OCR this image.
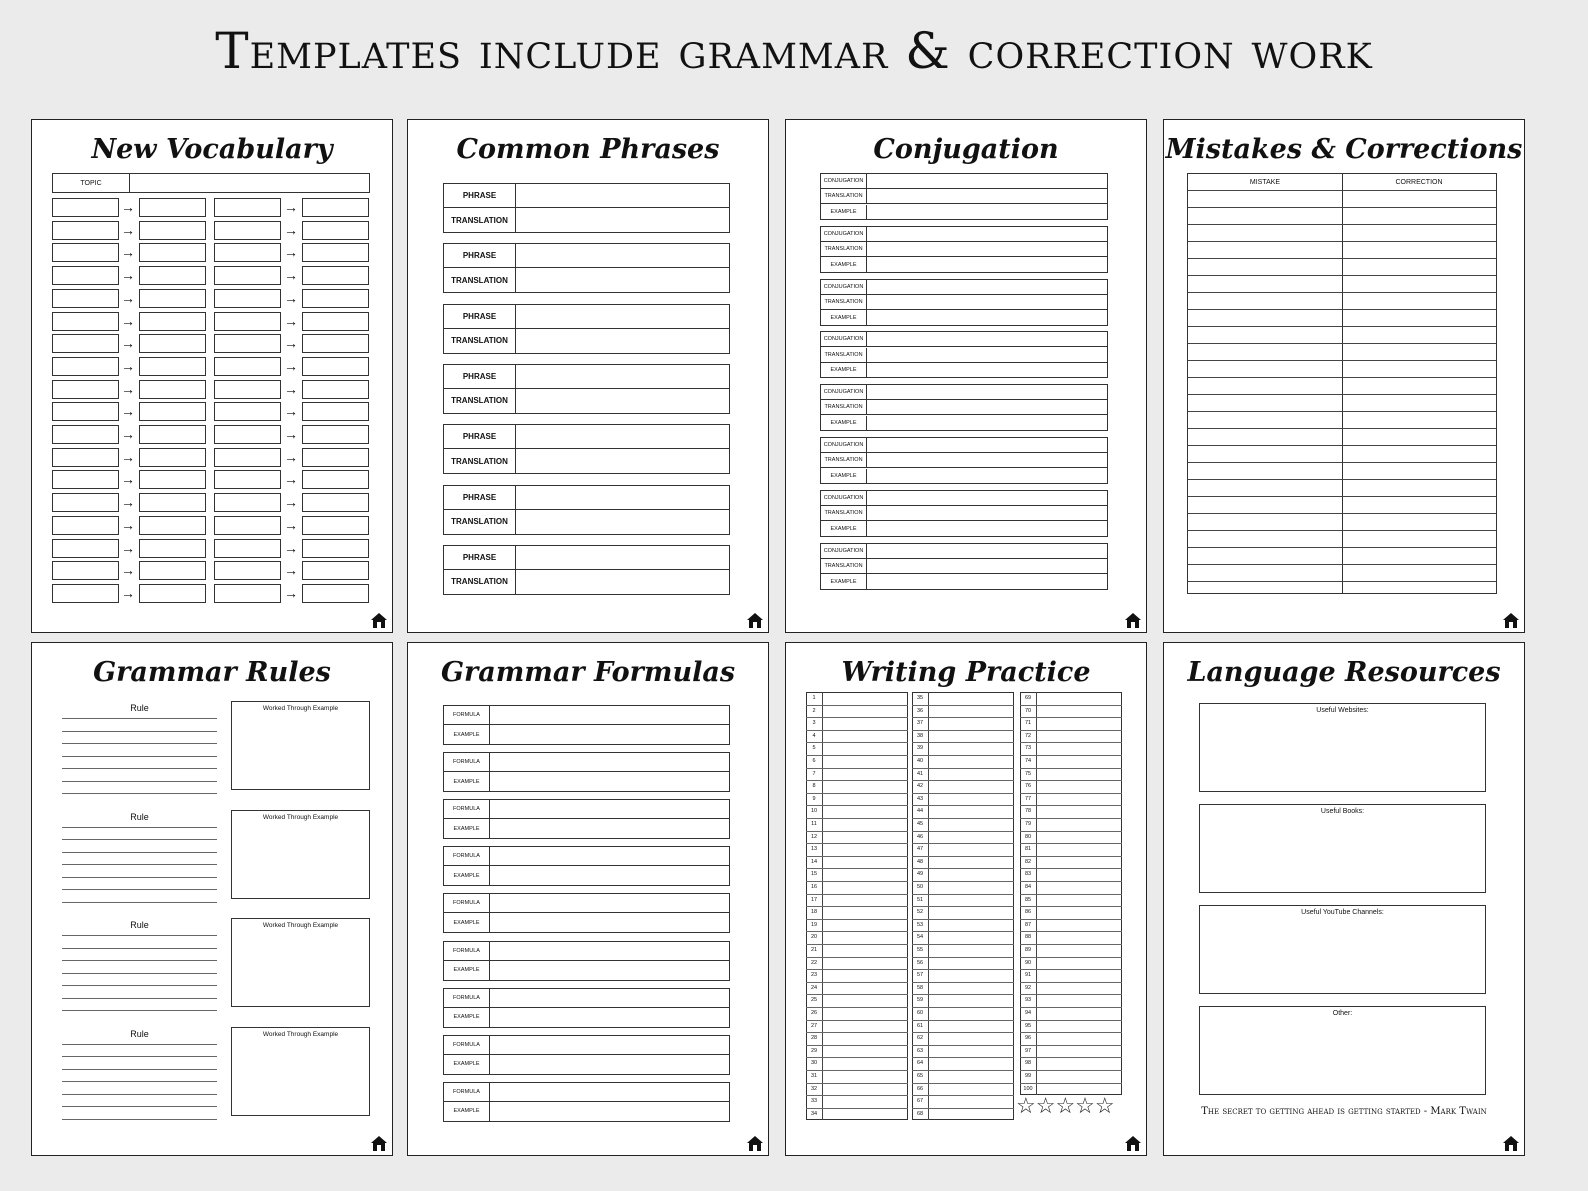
Templates include grammar & correction work
New Vocabulary
TOPIC
→	→
→	→
→	→
→	→
→	→
→	→
→	→
→	→
→	→
→	→
→	→
→	→
→	→
→	→
→	→
→	→
→	→
→	→
Common Phrases
PHRASE
TRANSLATION
PHRASE
TRANSLATION
PHRASE
TRANSLATION
PHRASE
TRANSLATION
PHRASE
TRANSLATION
PHRASE
TRANSLATION
PHRASE
TRANSLATION
Conjugation
CONJUGATION
TRANSLATION
EXAMPLE
CONJUGATION
TRANSLATION
EXAMPLE
CONJUGATION
TRANSLATION
EXAMPLE
CONJUGATION
TRANSLATION
EXAMPLE
CONJUGATION
TRANSLATION
EXAMPLE
CONJUGATION
TRANSLATION
EXAMPLE
CONJUGATION
TRANSLATION
EXAMPLE
CONJUGATION
TRANSLATION
EXAMPLE
Mistakes & Corrections
MISTAKE	CORRECTION
Grammar Rules
Rule	Worked Through Example
Rule	Worked Through Example
Rule	Worked Through Example
Rule	Worked Through Example
Grammar Formulas
FORMULA
EXAMPLE
FORMULA
EXAMPLE
FORMULA
EXAMPLE
FORMULA
EXAMPLE
FORMULA
EXAMPLE
FORMULA
EXAMPLE
FORMULA
EXAMPLE
FORMULA
EXAMPLE
FORMULA
EXAMPLE
Writing Practice
1
2
3
4
5
6
7
8
9
10
11
12
13
14
15
16
17
18
19
20
21
22
23
24
25
26
27
28
29
30
31
32
33
34
35
36
37
38
39
40
41
42
43
44
45
46
47
48
49
50
51
52
53
54
55
56
57
58
59
60
61
62
63
64
65
66
67
68
69
70
71
72
73
74
75
76
77
78
79
80
81
82
83
84
85
86
87
88
89
90
91
92
93
94
95
96
97
98
99
100
☆☆☆☆☆
Language Resources
Useful Websites:
Useful Books:
Useful YouTube Channels:
Other:
The secret to getting ahead is getting started - Mark Twain
